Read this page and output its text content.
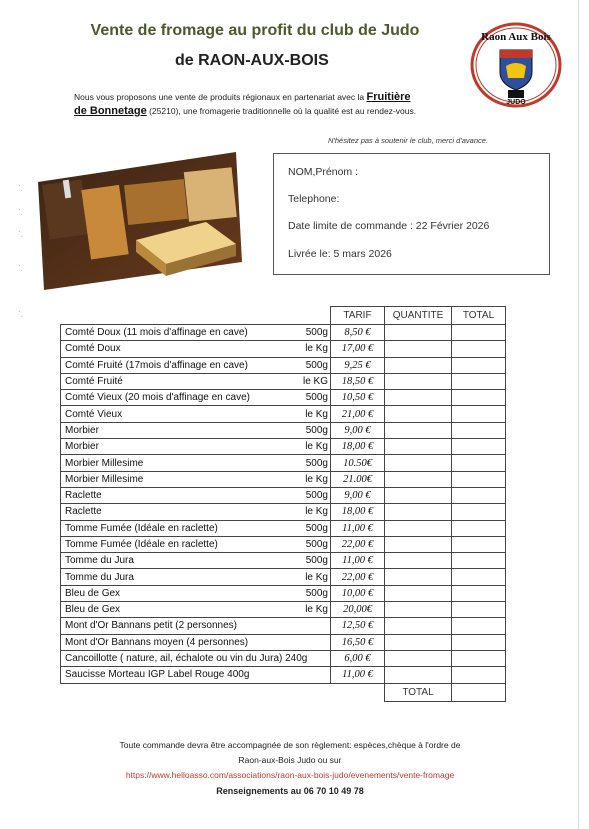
Vente de fromage au profit du club de Judo
de RAON-AUX-BOIS
Raon Aux Bois
JUDO
Nous vous proposons une vente de produits régionaux en partenariat avec la Fruitière
de Bonnetage (25210), une fromagerie traditionnelle où la qualité est au rendez-vous.
N'hésitez pas à soutenir le club, merci d'avance.
NOM,Prénom :
Telephone:
Date limite de commande : 22 Février 2026
Livrée le: 5 mars 2026
`.
`.
`.
`.
`.
		TARIF	QUANTITE	TOTAL

Comté Doux (11 mois d'affinage en cave) 500g	8,50 €		

Comté Doux le Kg	17,00 €		

Comté Fruité (17mois d'affinage en cave) 500g	9,25 €		

Comté Fruité le KG	18,50 €		

Comté Vieux (20 mois d'affinage en cave) 500g	10,50 €		

Comté Vieux le Kg	21,00 €		

Morbier 500g	9,00 €		

Morbier le Kg	18,00 €		

Morbier Millesime 500g	10.50€		

Morbier Millesime le Kg	21.00€		

Raclette 500g	9,00 €		

Raclette le Kg	18,00 €		

Tomme Fumée (Idéale en raclette) 500g	11,00 €		

Tomme Fumée (Idéale en raclette) 500g	22,00 €		

Tomme du Jura 500g	11,00 €		

Tomme du Jura le Kg	22,00 €		

Bleu de Gex 500g	10,00 €		

Bleu de Gex le Kg	20,00€		

Mont d'Or Bannans petit (2 personnes)	12,50 €		

Mont d'Or Bannans moyen (4 personnes)	16,50 €		

Cancoillotte ( nature, ail, échalote ou vin du Jura) 240g	6,00 €		

Saucisse Morteau IGP Label Rouge 400g	11,00 €		
		TOTAL	
Toute commande devra être accompagnée de son règlement: espèces,chèque à l'ordre de
Raon-aux-Bois Judo ou sur
https://www.helloasso.com/associations/raon-aux-bois-judo/evenements/vente-fromage
Renseignements au 06 70 10 49 78
